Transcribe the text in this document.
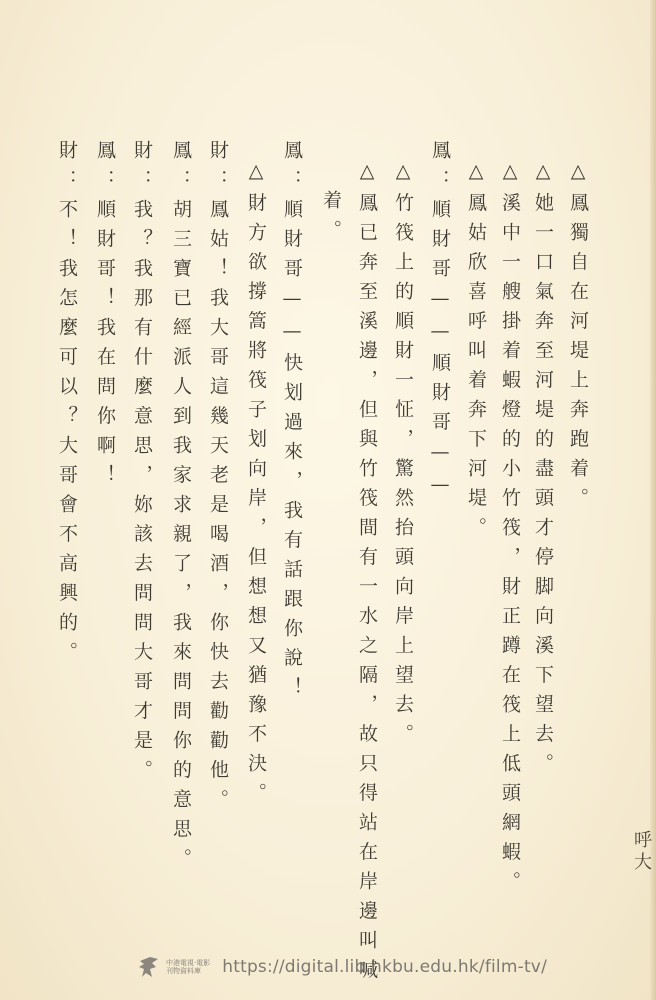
△鳳獨自在河堤上奔跑着。
△她一口氣奔至河堤的盡頭才停脚向溪下望去。
△溪中一艘掛着蝦燈的小竹筏，財正蹲在筏上低頭網蝦。
△鳳姑欣喜呼叫着奔下河堤。
鳳：順財哥——順財哥——
△竹筏上的順財一怔，驚然抬頭向岸上望去。
△鳳已奔至溪邊，但與竹筏間有一水之隔，故只得站在岸邊叫喊
着。
鳳：順財哥——快划過來，我有話跟你說！
△財方欲撐篙將筏子划向岸，但想想又猶豫不決。
財：鳳姑！我大哥這幾天老是喝酒，你快去勸勸他。
鳳：胡三寶已經派人到我家求親了，我來問問你的意思。
財：我？我那有什麼意思，妳該去問問大哥才是。
鳳：順財哥！我在問你啊！
財：不！我怎麼可以？大哥會不高興的。
呼大
中港電視·電影
刊物資料庫	https://digital.lib.hkbu.edu.hk/film-tv/
